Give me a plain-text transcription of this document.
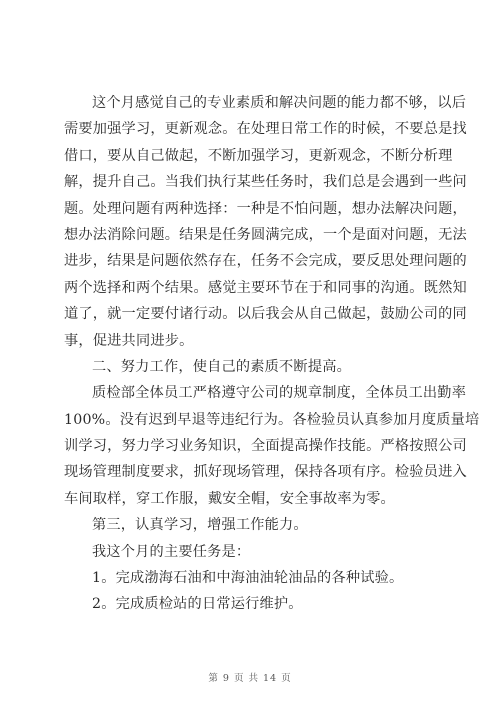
这个月感觉自己的专业素质和解决问题的能力都不够，以后
需要加强学习，更新观念。在处理日常工作的时候，不要总是找
借口，要从自己做起，不断加强学习，更新观念，不断分析理
解，提升自己。当我们执行某些任务时，我们总是会遇到一些问
题。处理问题有两种选择：一种是不怕问题，想办法解决问题，
想办法消除问题。结果是任务圆满完成，一个是面对问题，无法
进步，结果是问题依然存在，任务不会完成，要反思处理问题的
两个选择和两个结果。感觉主要环节在于和同事的沟通。既然知
道了，就一定要付诸行动。以后我会从自己做起，鼓励公司的同
事，促进共同进步。
二、努力工作，使自己的素质不断提高。
质检部全体员工严格遵守公司的规章制度，全体员工出勤率
100%。没有迟到早退等违纪行为。各检验员认真参加月度质量培
训学习，努力学习业务知识，全面提高操作技能。严格按照公司
现场管理制度要求，抓好现场管理，保持各项有序。检验员进入
车间取样，穿工作服，戴安全帽，安全事故率为零。
第三，认真学习，增强工作能力。
我这个月的主要任务是：
1。完成渤海石油和中海油油轮油品的各种试验。
2。完成质检站的日常运行维护。
第 9 页 共 14 页
